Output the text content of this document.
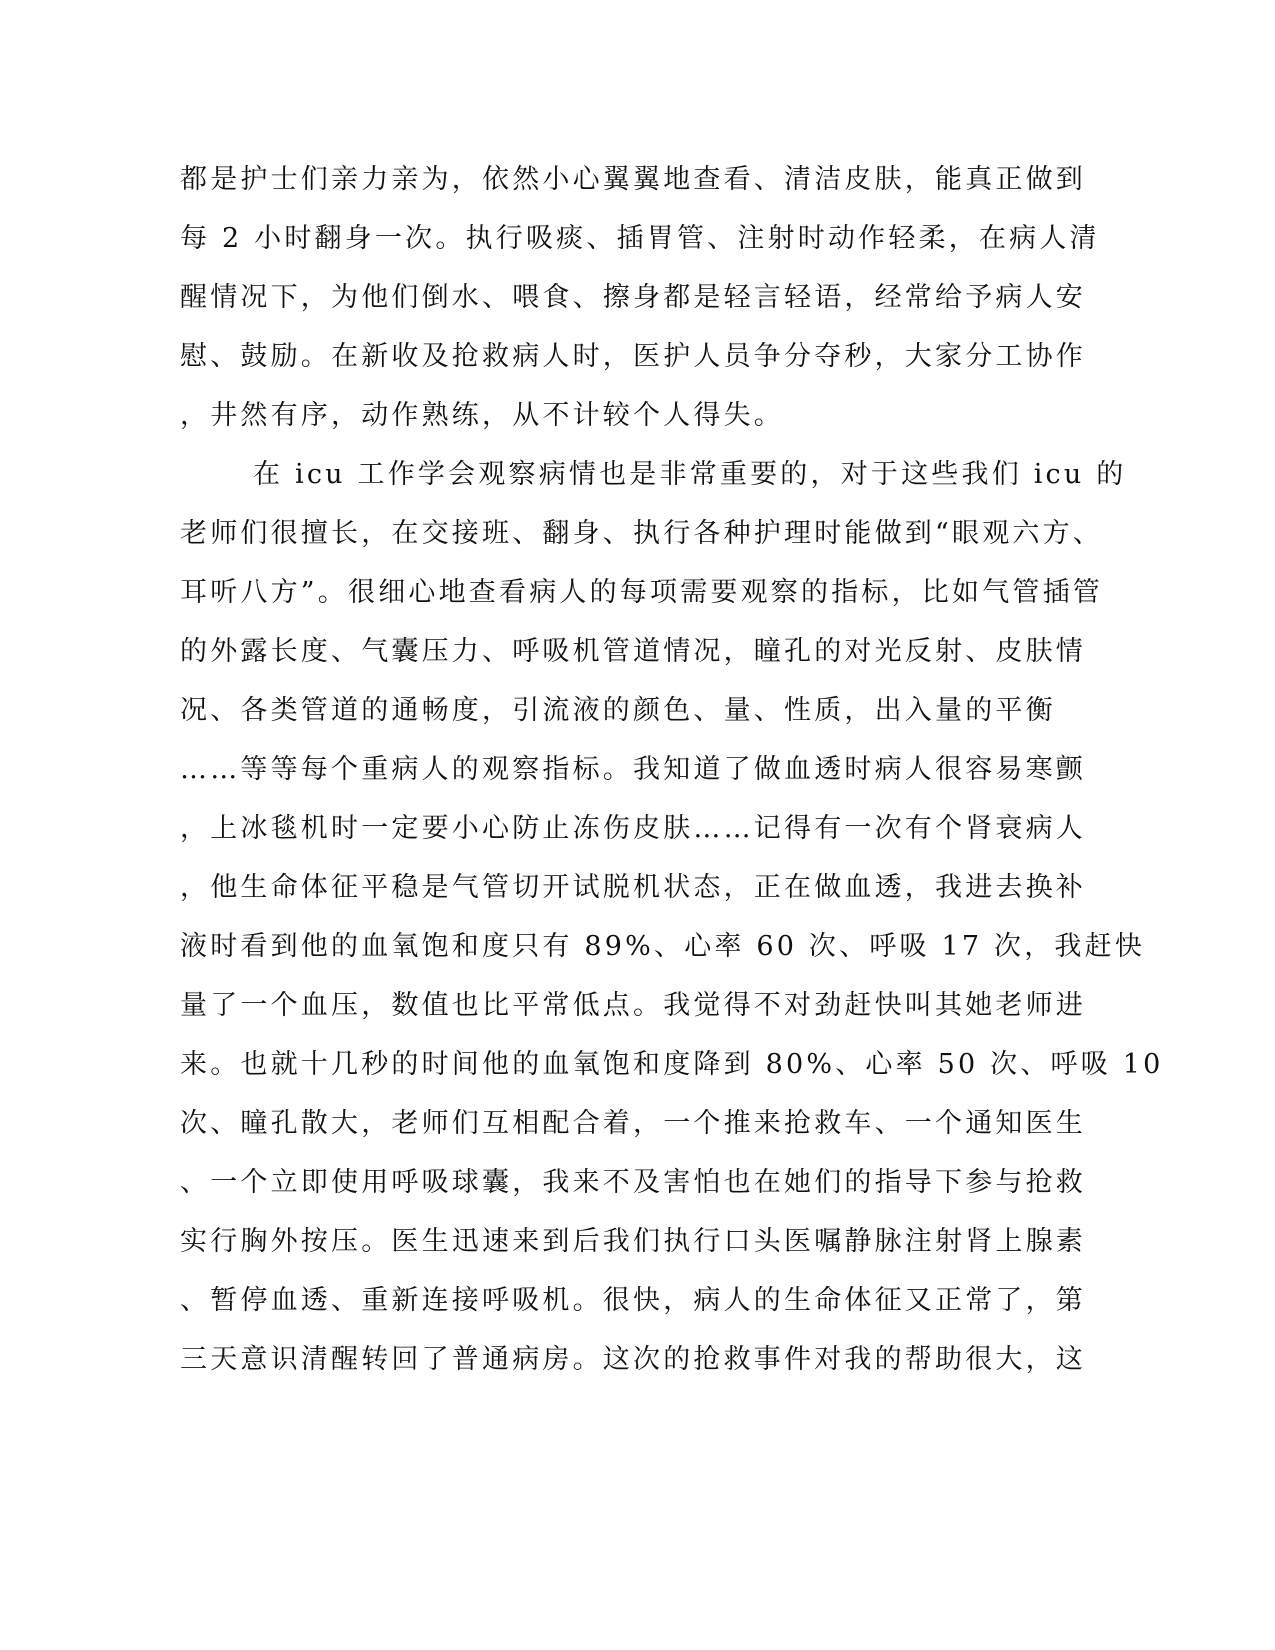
都是护士们亲力亲为，依然小心翼翼地查看、清洁皮肤，能真正做到
每 2 小时翻身一次。执行吸痰、插胃管、注射时动作轻柔，在病人清
醒情况下，为他们倒水、喂食、擦身都是轻言轻语，经常给予病人安
慰、鼓励。在新收及抢救病人时，医护人员争分夺秒，大家分工协作
，井然有序，动作熟练，从不计较个人得失。
在 icu 工作学会观察病情也是非常重要的，对于这些我们 icu 的
老师们很擅长，在交接班、翻身、执行各种护理时能做到“眼观六方、
耳听八方”。很细心地查看病人的每项需要观察的指标，比如气管插管
的外露长度、气囊压力、呼吸机管道情况，瞳孔的对光反射、皮肤情
况、各类管道的通畅度，引流液的颜色、量、性质，出入量的平衡
……等等每个重病人的观察指标。我知道了做血透时病人很容易寒颤
，上冰毯机时一定要小心防止冻伤皮肤……记得有一次有个肾衰病人
，他生命体征平稳是气管切开试脱机状态，正在做血透，我进去换补
液时看到他的血氧饱和度只有 89%、心率 60 次、呼吸 17 次，我赶快
量了一个血压，数值也比平常低点。我觉得不对劲赶快叫其她老师进
来。也就十几秒的时间他的血氧饱和度降到 80%、心率 50 次、呼吸 10
次、瞳孔散大，老师们互相配合着，一个推来抢救车、一个通知医生
、一个立即使用呼吸球囊，我来不及害怕也在她们的指导下参与抢救
实行胸外按压。医生迅速来到后我们执行口头医嘱静脉注射肾上腺素
、暂停血透、重新连接呼吸机。很快，病人的生命体征又正常了，第
三天意识清醒转回了普通病房。这次的抢救事件对我的帮助很大，这
